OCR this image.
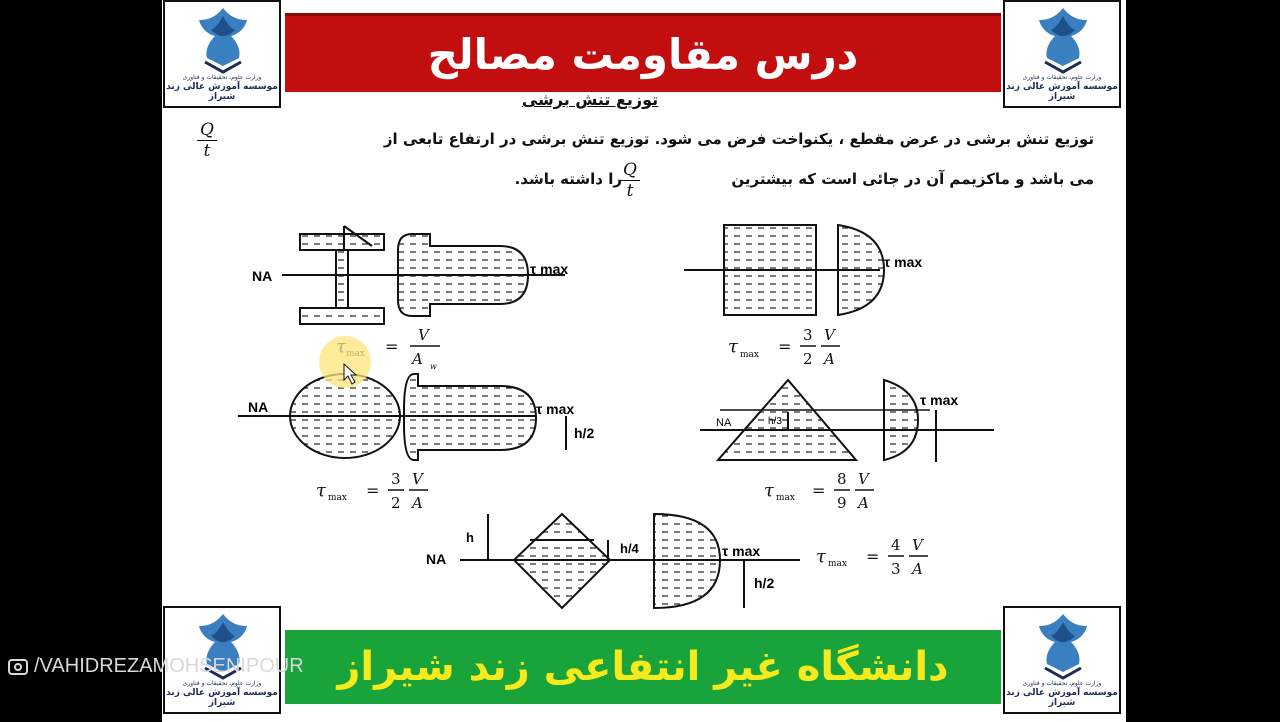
درس مقاومت مصالح
دانشگاه غیر انتفاعی زند شیراز
وزارت علوم، تحقیقات و فناوری
موسسه آموزش عالی زند شیراز
وزارت علوم، تحقیقات و فناوری
موسسه آموزش عالی زند شیراز
وزارت علوم، تحقیقات و فناوری
موسسه آموزش عالی زند شیراز
وزارت علوم، تحقیقات و فناوری
موسسه آموزش عالی زند شیراز
توزیع تنش برشی
توزیع تنش برشی در عرض مقطع ، یکنواخت فرض می شود. توزیع تنش برشی در ارتفاع تابعی از
$\frac{Q}{t}$
می باشد و ماکزیمم آن در جائی است که بیشترین
$\frac{Q}{t}$
را داشته باشد.
NA	τ max	τ max
NA	τ max
h/2
h/3
NA
τ max
NA
h
h/4	τ max
h/2
=
V
A w
τ max =
3
2
V
A
τ max =
3
2
V
A
τ max =
8
9
V
A
τ max =
4
3
V
A
/VAHIDREZAMOHSENIPOUR
